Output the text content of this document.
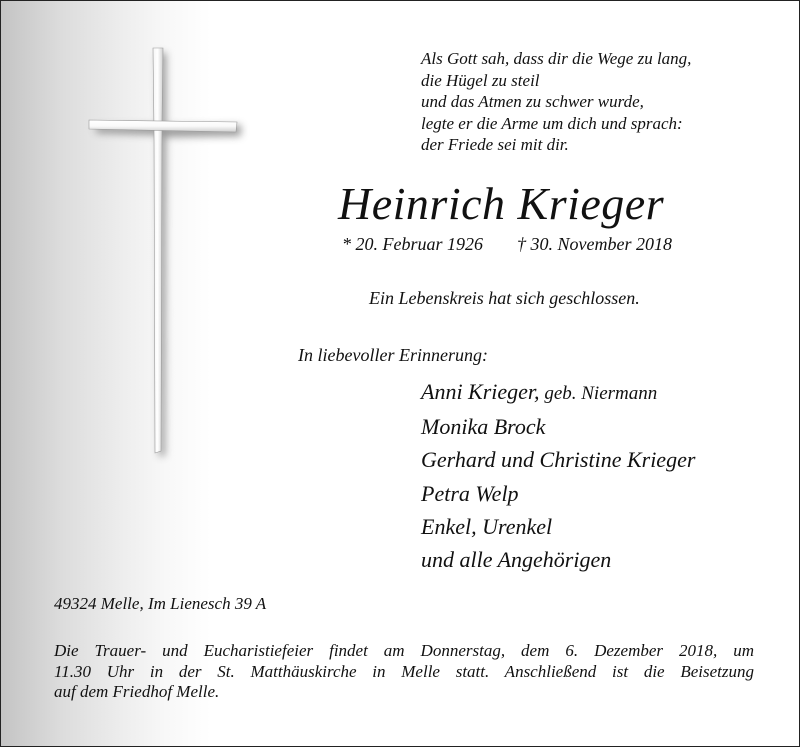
Als Gott sah, dass dir die Wege zu lang,
die Hügel zu steil
und das Atmen zu schwer wurde,
legte er die Arme um dich und sprach:
der Friede sei mit dir.
Heinrich Krieger
* 20. Februar 1926 † 30. November 2018
Ein Lebenskreis hat sich geschlossen.
In liebevoller Erinnerung:
Anni Krieger, geb. Niermann
Monika Brock
Gerhard und Christine Krieger
Petra Welp
Enkel, Urenkel
und alle Angehörigen
49324 Melle, Im Lienesch 39 A
Die Trauer- und Eucharistiefeier findet am Donnerstag, dem 6. Dezember 2018, um
11.30 Uhr in der St. Matthäuskirche in Melle statt. Anschließend ist die Beisetzung
auf dem Friedhof Melle.
